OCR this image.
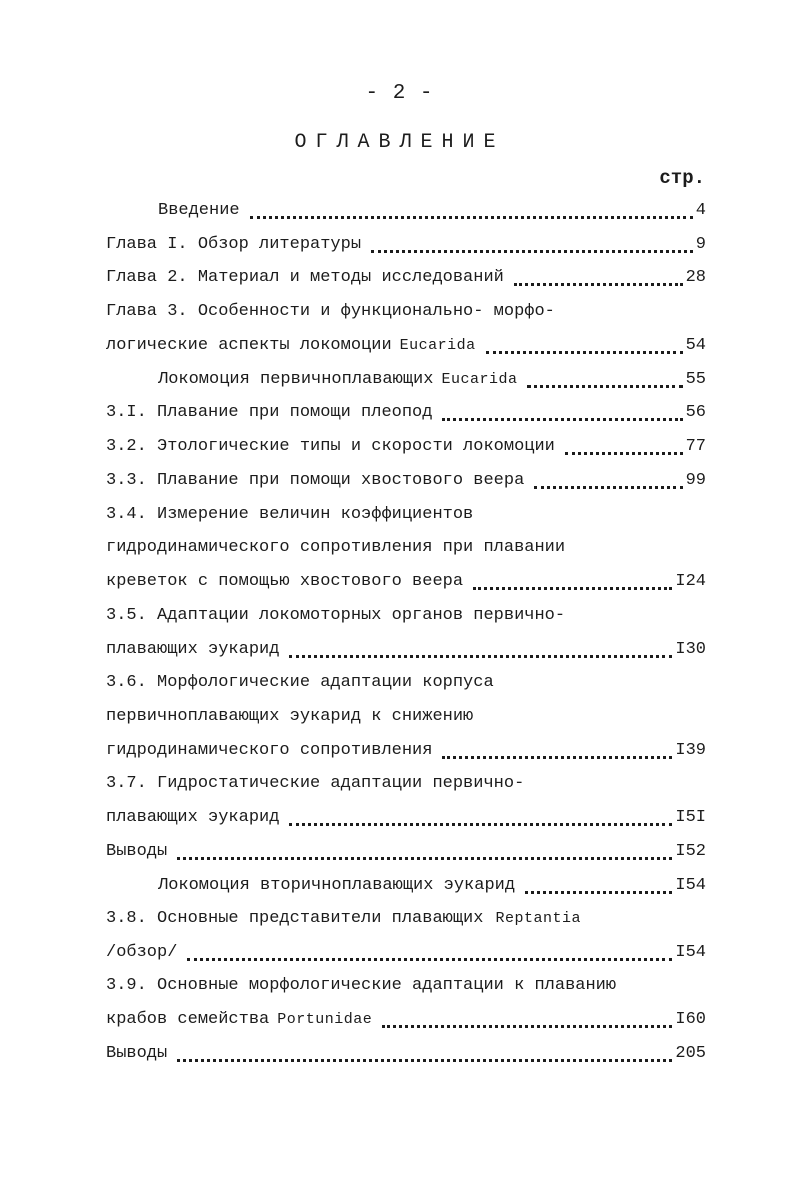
- 2 -
ОГЛАВЛЕНИЕ
стр.
Введение	4
Глава I. Обзор литературы	9
Глава 2. Материал и методы исследований	28
Глава 3. Особенности и функционально- морфо-
логические аспекты локомоции Eucarida	54
Локомоция первичноплавающих Eucarida	55
3.I. Плавание при помощи плеопод	56
3.2. Этологические типы и скорости локомоции	77
3.3. Плавание при помощи хвостового веера	99
3.4. Измерение величин коэффициентов
гидродинамического сопротивления при плавании
креветок с помощью хвостового веера	I24
3.5. Адаптации локомоторных органов первично-
плавающих эукарид	I30
3.6. Морфологические адаптации корпуса
первичноплавающих эукарид к снижению
гидродинамического сопротивления	I39
3.7. Гидростатические адаптации первично-
плавающих эукарид	I5I
Выводы	I52
Локомоция вторичноплавающих эукарид	I54
3.8. Основные представители плавающих Reptantia
/обзор/	I54
3.9. Основные морфологические адаптации к плаванию
крабов семейства Portunidae	I60
Выводы	205
